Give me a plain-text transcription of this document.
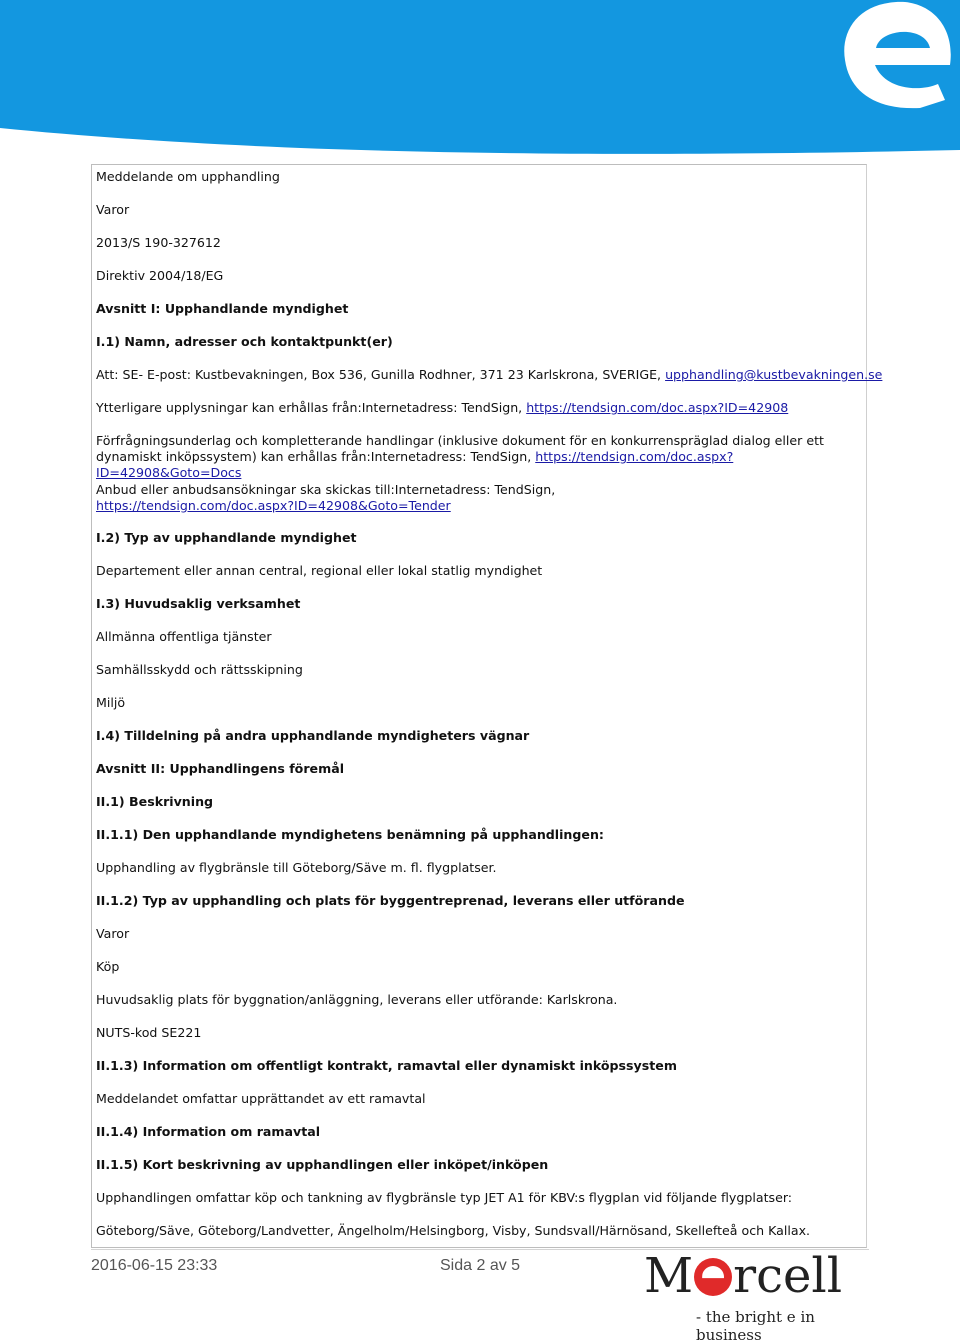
Meddelande om upphandling

Varor

2013/S 190-327612

Direktiv 2004/18/EG

Avsnitt I: Upphandlande myndighet

I.1) Namn, adresser och kontaktpunkt(er)

Att: SE- E-post: Kustbevakningen, Box 536, Gunilla Rodhner, 371 23 Karlskrona, SVERIGE, upphandling@kustbevakningen.se

Ytterligare upplysningar kan erhållas från:Internetadress: TendSign, https://tendsign.com/doc.aspx?ID=42908

Förfrågningsunderlag och kompletterande handlingar (inklusive dokument för en konkurrenspräglad dialog eller ett dynamiskt inköpssystem) kan erhållas från:Internetadress: TendSign, https://tendsign.com/doc.aspx?ID=42908&Goto=Docs

Anbud eller anbudsansökningar ska skickas till:Internetadress: TendSign,

https://tendsign.com/doc.aspx?ID=42908&Goto=Tender

I.2) Typ av upphandlande myndighet

Departement eller annan central, regional eller lokal statlig myndighet

I.3) Huvudsaklig verksamhet

Allmänna offentliga tjänster

Samhällsskydd och rättsskipning

Miljö

I.4) Tilldelning på andra upphandlande myndigheters vägnar

Avsnitt II: Upphandlingens föremål

II.1) Beskrivning

II.1.1) Den upphandlande myndighetens benämning på upphandlingen:

Upphandling av flygbränsle till Göteborg/Säve m. fl. flygplatser.

II.1.2) Typ av upphandling och plats för byggentreprenad, leverans eller utförande

Varor

Köp

Huvudsaklig plats för byggnation/anläggning, leverans eller utförande: Karlskrona.

NUTS-kod SE221

II.1.3) Information om offentligt kontrakt, ramavtal eller dynamiskt inköpssystem

Meddelandet omfattar upprättandet av ett ramavtal

II.1.4) Information om ramavtal

II.1.5) Kort beskrivning av upphandlingen eller inköpet/inköpen

Upphandlingen omfattar köp och tankning av flygbränsle typ JET A1 för KBV:s flygplan vid följande flygplatser:

Göteborg/Säve, Göteborg/Landvetter, Ängelholm/Helsingborg, Visby, Sundsvall/Härnösand, Skellefteå och Kallax.

2016-06-15 23:33	Sida 2 av 5	M rcell
- the bright e in business
